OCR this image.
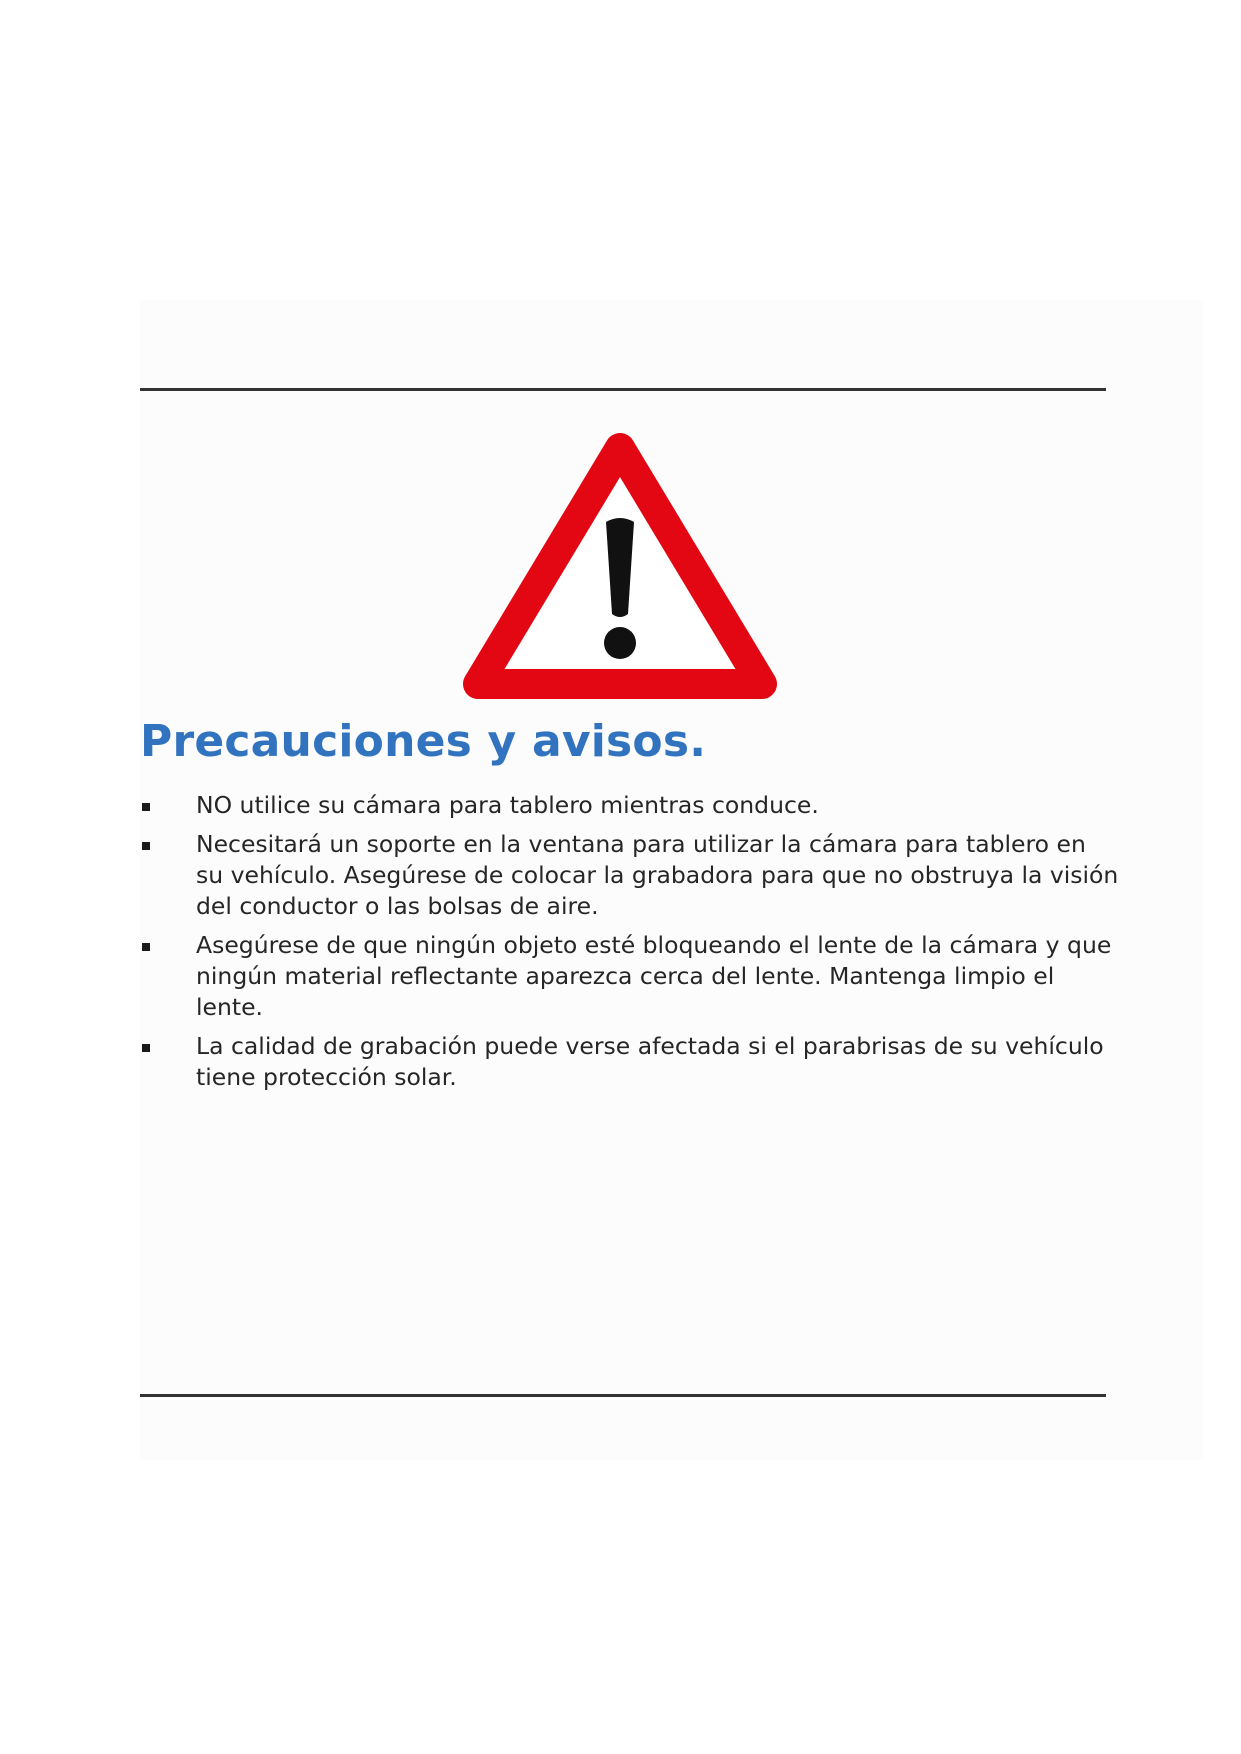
Precauciones y avisos.
NO utilice su cámara para tablero mientras conduce.
Necesitará un soporte en la ventana para utilizar la cámara para tablero en su vehículo. Asegúrese de colocar la grabadora para que no obstruya la visión del conductor o las bolsas de aire.
Asegúrese de que ningún objeto esté bloqueando el lente de la cámara y que ningún material reflectante aparezca cerca del lente. Mantenga limpio el lente.
La calidad de grabación puede verse afectada si el parabrisas de su vehículo tiene protección solar.
